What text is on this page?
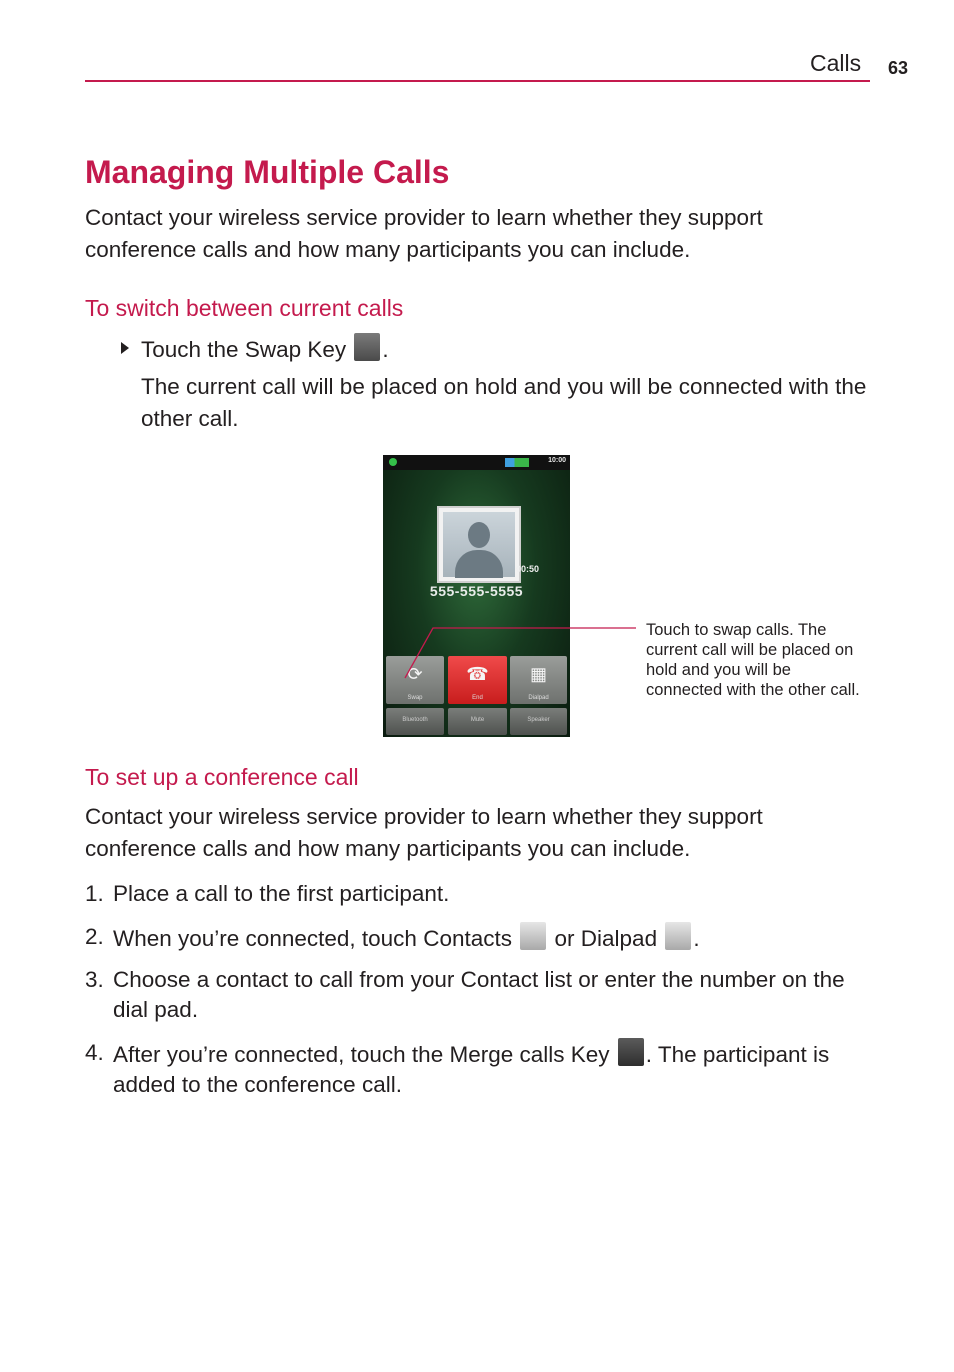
Calls 63
Managing Multiple Calls

Contact your wireless service provider to learn whether they support conference calls and how many participants you can include.

To switch between current calls
Touch the Swap Key .

The current call will be placed on hold and you will be connected with the other call.

10:00
00:50
555-555-5555
⟳
Swap
☎
End
▦
Dialpad
Bluetooth	Mute	Speaker
Touch to swap calls. The current call will be placed on hold and you will be connected with the other call.
To set up a conference call

Contact your wireless service provider to learn whether they support conference calls and how many participants you can include.

1. Place a call to the first participant.
2. When you’re connected, touch Contacts  or Dialpad .
3. Choose a contact to call from your Contact list or enter the number on the dial pad.
4. After you’re connected, touch the Merge calls Key . The participant is added to the conference call.
